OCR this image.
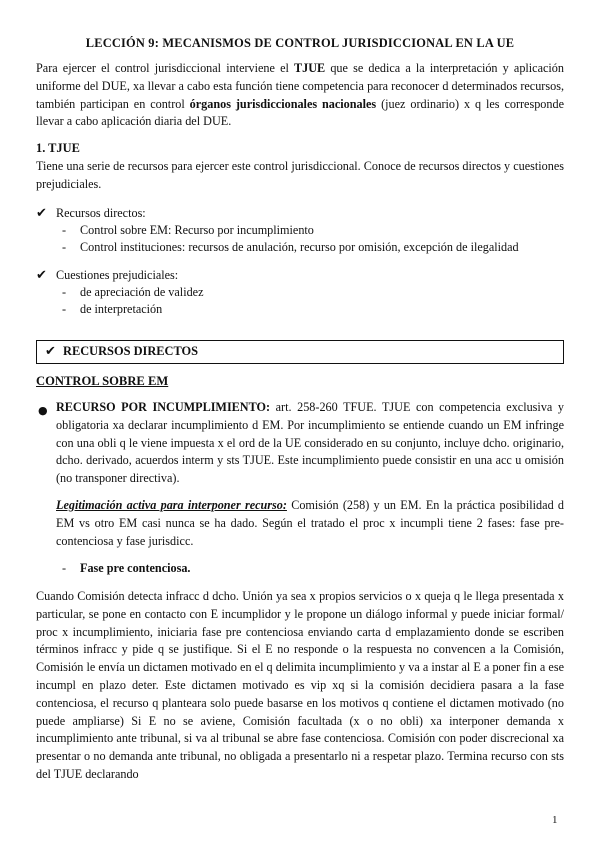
LECCIÓN 9: MECANISMOS DE CONTROL JURISDICCIONAL EN LA UE

Para ejercer el control jurisdiccional interviene el TJUE que se dedica a la interpretación y aplicación uniforme del DUE, xa llevar a cabo esta función tiene competencia para reconocer d determinados recursos, también participan en control órganos jurisdiccionales nacionales (juez ordinario) x q les corresponde llevar a cabo aplicación diaria del DUE.

1. TJUE

Tiene una serie de recursos para ejercer este control jurisdiccional. Conoce de recursos directos y cuestiones prejudiciales.

✔ Recursos directos:
- Control sobre EM: Recurso por incumplimiento
- Control instituciones: recursos de anulación, recurso por omisión, excepción de ilegalidad
✔ Cuestiones prejudiciales:
- de apreciación de validez
- de interpretación
✔ RECURSOS DIRECTOS
CONTROL SOBRE EM
● RECURSO POR INCUMPLIMIENTO: art. 258-260 TFUE. TJUE con competencia exclusiva y obligatoria xa declarar incumplimiento d EM. Por incumplimiento se entiende cuando un EM infringe con una obli q le viene impuesta x el ord de la UE considerado en su conjunto, incluye dcho. originario, dcho. derivado, acuerdos interm y sts TJUE. Este incumplimiento puede consistir en una acc u omisión (no transponer directiva).

Legitimación activa para interponer recurso: Comisión (258) y un EM. En la práctica posibilidad d EM vs otro EM casi nunca se ha dado. Según el tratado el proc x incumpli tiene 2 fases: fase pre-contenciosa y fase jurisdicc.

- Fase pre contenciosa.

Cuando Comisión detecta infracc d dcho. Unión ya sea x propios servicios o x queja q le llega presentada x particular, se pone en contacto con E incumplidor y le propone un diálogo informal y puede iniciar formal/ proc x incumplimiento, iniciaria fase pre contenciosa enviando carta d emplazamiento donde se escriben términos infracc y pide q se justifique. Si el E no responde o la respuesta no convencen a la Comisión, Comisión le envía un dictamen motivado en el q delimita incumplimiento y va a instar al E a poner fin a ese incumpl en plazo deter. Este dictamen motivado es vip xq si la comisión decidiera pasara a la fase contenciosa, el recurso q planteara solo puede basarse en los motivos q contiene el dictamen motivado (no puede ampliarse) Si E no se aviene, Comisión facultada (x o no obli) xa interponer demanda x incumplimiento ante tribunal, si va al tribunal se abre fase contenciosa. Comisión con poder discrecional xa presentar o no demanda ante tribunal, no obligada a presentarlo ni a respetar plazo. Termina recurso con sts del TJUE declarando

1
